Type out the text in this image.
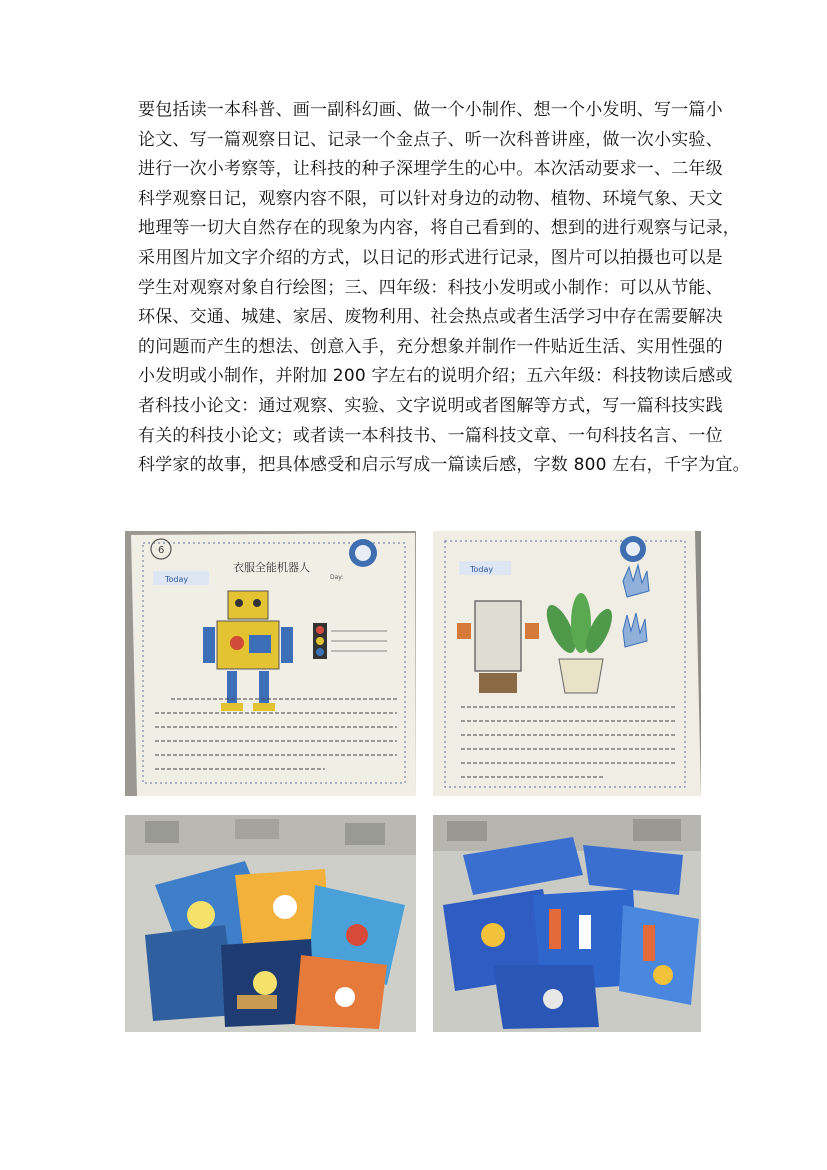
要包括读一本科普、画一副科幻画、做一个小制作、想一个小发明、写一篇小
论文、写一篇观察日记、记录一个金点子、听一次科普讲座，做一次小实验、
进行一次小考察等，让科技的种子深埋学生的心中。本次活动要求一、二年级
科学观察日记，观察内容不限，可以针对身边的动物、植物、环境气象、天文
地理等一切大自然存在的现象为内容，将自己看到的、想到的进行观察与记录，
采用图片加文字介绍的方式，以日记的形式进行记录，图片可以拍摄也可以是
学生对观察对象自行绘图；三、四年级：科技小发明或小制作：可以从节能、
环保、交通、城建、家居、废物利用、社会热点或者生活学习中存在需要解决
的问题而产生的想法、创意入手，充分想象并制作一件贴近生活、实用性强的
小发明或小制作，并附加 200 字左右的说明介绍；五六年级：科技物读后感或
者科技小论文：通过观察、实验、文字说明或者图解等方式，写一篇科技实践
有关的科技小论文；或者读一本科技书、一篇科技文章、一句科技名言、一位
科学家的故事，把具体感受和启示写成一篇读后感，字数 800 左右，千字为宜。
6
Today
衣服全能机器人
Day:
Today
